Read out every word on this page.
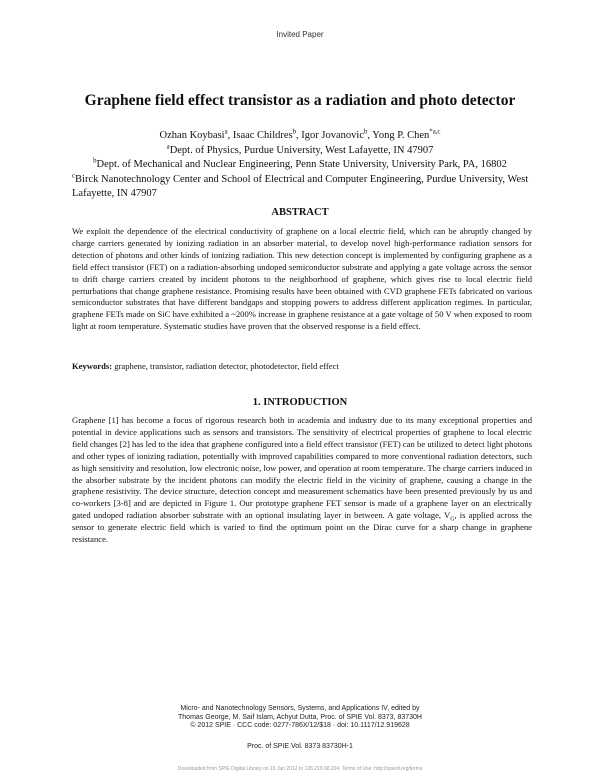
Invited Paper
Graphene field effect transistor as a radiation and photo detector
Ozhan Koybasi$^a$, Isaac Childres$^b$, Igor Jovanovic$^b$, Yong P. Chen$^{*a,c}$
$^a$Dept. of Physics, Purdue University, West Lafayette, IN 47907
$^b$Dept. of Mechanical and Nuclear Engineering, Penn State University, University Park, PA, 16802
$^c$Birck Nanotechnology Center and School of Electrical and Computer Engineering, Purdue University, West Lafayette, IN 47907
ABSTRACT
We exploit the dependence of the electrical conductivity of graphene on a local electric field, which can be abruptly changed by charge carriers generated by ionizing radiation in an absorber material, to develop novel high-performance radiation sensors for detection of photons and other kinds of ionizing radiation. This new detection concept is implemented by configuring graphene as a field effect transistor (FET) on a radiation-absorbing undoped semiconductor substrate and applying a gate voltage across the sensor to drift charge carriers created by incident photons to the neighborhood of graphene, which gives rise to local electric field perturbations that change graphene resistance. Promising results have been obtained with CVD graphene FETs fabricated on various semiconductor substrates that have different bandgaps and stopping powers to address different application regimes. In particular, graphene FETs made on SiC have exhibited a ~200% increase in graphene resistance at a gate voltage of 50 V when exposed to room light at room temperature. Systematic studies have proven that the observed response is a field effect.
Keywords: graphene, transistor, radiation detector, photodetector, field effect
1. INTRODUCTION
Graphene [1] has become a focus of rigorous research both in academia and industry due to its many exceptional properties and potential in device applications such as sensors and transistors. The sensitivity of electrical properties of graphene to local electric field changes [2] has led to the idea that graphene configured into a field effect transistor (FET) can be utilized to detect light photons and other types of ionizing radiation, potentially with improved capabilities compared to more conventional radiation detectors, such as high sensitivity and resolution, low electronic noise, low power, and operation at room temperature. The charge carriers induced in the absorber substrate by the incident photons can modify the electric field in the vicinity of graphene, causing a change in the graphene resistivity. The device structure, detection concept and measurement schematics have been presented previously by us and co-workers [3-8] and are depicted in Figure 1. Our prototype graphene FET sensor is made of a graphene layer on an electrically gated undoped radiation absorber substrate with an optional insulating layer in between. A gate voltage, $V_G$, is applied across the sensor to generate electric field which is varied to find the optimum point on the Dirac curve for a sharp change in graphene resistance.
Micro- and Nanotechnology Sensors, Systems, and Applications IV, edited by
Thomas George, M. Saif Islam, Achyut Dutta, Proc. of SPIE Vol. 8373, 83730H
© 2012 SPIE · CCC code: 0277-786X/12/$18 · doi: 10.1117/12.919628
Proc. of SPIE Vol. 8373 83730H-1
Downloaded from SPIE Digital Library on 15 Jun 2012 to 128.210.68.204. Terms of Use: http://spiedl.org/terms
